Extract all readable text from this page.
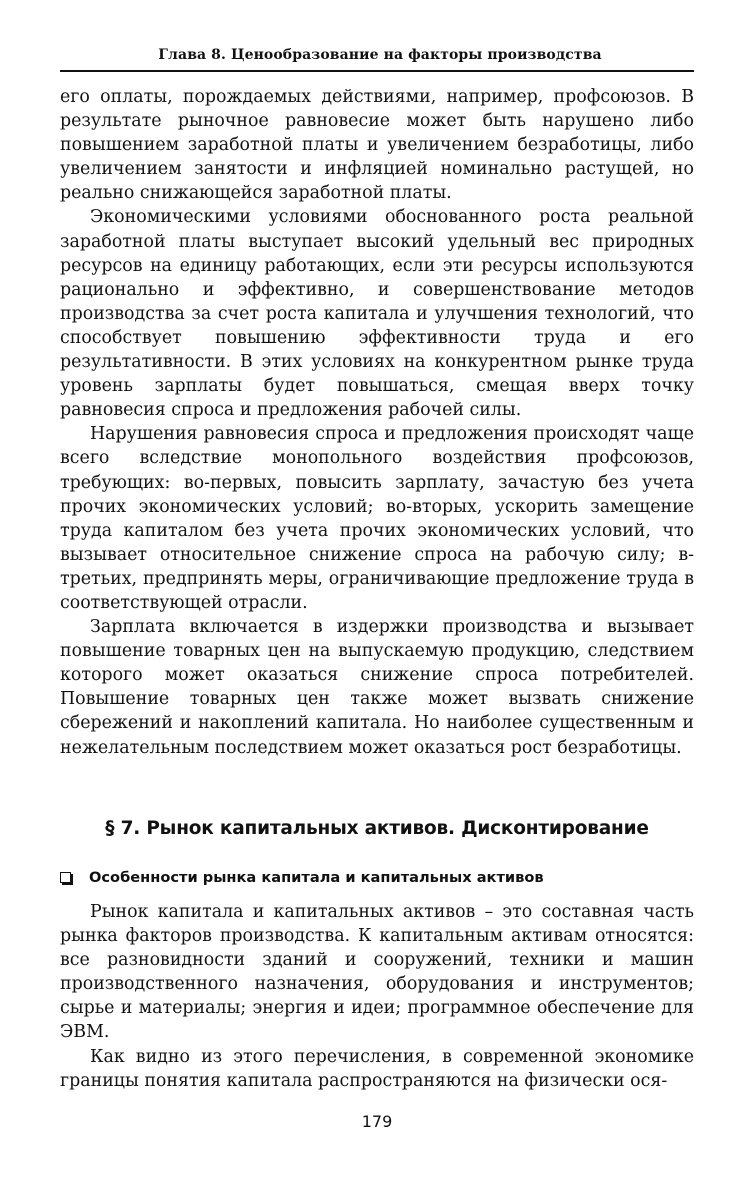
Глава 8. Ценообразование на факторы производства

его оплаты, порождаемых действиями, например, профсоюзов. В результате рыночное равновесие может быть нарушено либо повышением заработной платы и увеличением безработицы, либо увеличением занятости и инфляцией номинально растущей, но реально снижающейся заработной платы.

Экономическими условиями обоснованного роста реальной заработной платы выступает высокий удельный вес природных ресурсов на единицу работающих, если эти ресурсы используются рационально и эффективно, и совершенствование методов производства за счет роста капитала и улучшения технологий, что способствует повышению эффективности труда и его результативности. В этих условиях на конкурентном рынке труда уровень зарплаты будет повышаться, смещая вверх точку равновесия спроса и предложения рабочей силы.

Нарушения равновесия спроса и предложения происходят чаще всего вследствие монопольного воздействия профсоюзов, требующих: во-первых, повысить зарплату, зачастую без учета прочих экономических условий; во-вторых, ускорить замещение труда капиталом без учета прочих экономических условий, что вызывает относительное снижение спроса на рабочую силу; в-третьих, предпринять меры, ограничивающие предложение труда в соответствующей отрасли.

Зарплата включается в издержки производства и вызывает повышение товарных цен на выпускаемую продукцию, следствием которого может оказаться снижение спроса потребителей. Повышение товарных цен также может вызвать снижение сбережений и накоплений капитала. Но наиболее существенным и нежелательным последствием может оказаться рост безработицы.

§ 7. Рынок капитальных активов. Дисконтирование
Особенности рынка капитала и капитальных активов

Рынок капитала и капитальных активов – это составная часть рынка факторов производства. К капитальным активам относятся: все разновидности зданий и сооружений, техники и машин производственного назначения, оборудования и инструментов; сырье и материалы; энергия и идеи; программное обеспечение для ЭВМ.

Как видно из этого перечисления, в современной экономике границы понятия капитала распространяются на физически ося-

179
